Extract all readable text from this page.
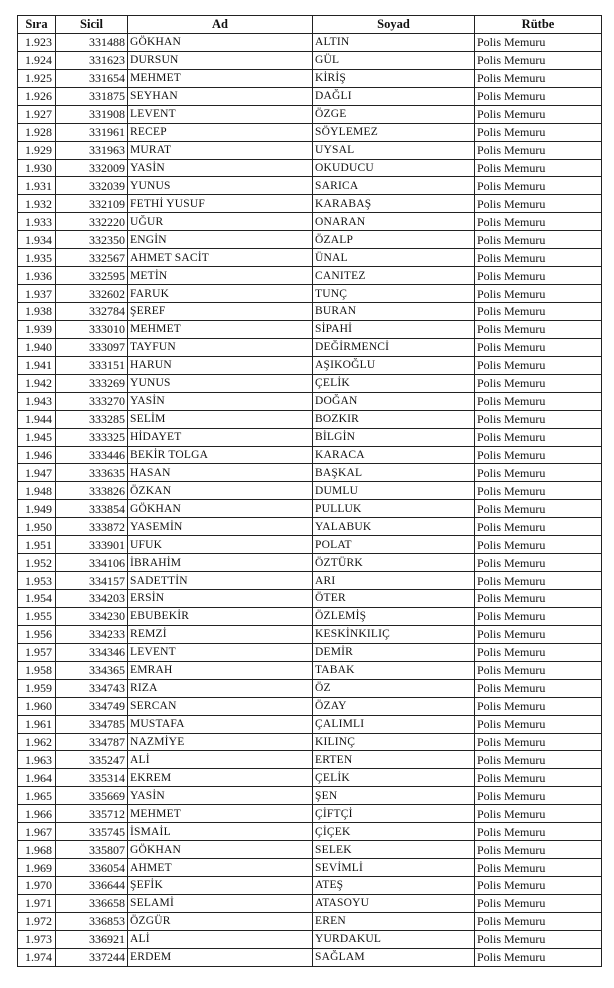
Sıra	Sicil	Ad	Soyad	Rütbe
1.923	331488	GÖKHAN	ALTIN	Polis Memuru
1.924	331623	DURSUN	GÜL	Polis Memuru
1.925	331654	MEHMET	KİRİŞ	Polis Memuru
1.926	331875	SEYHAN	DAĞLI	Polis Memuru
1.927	331908	LEVENT	ÖZGE	Polis Memuru
1.928	331961	RECEP	SÖYLEMEZ	Polis Memuru
1.929	331963	MURAT	UYSAL	Polis Memuru
1.930	332009	YASİN	OKUDUCU	Polis Memuru
1.931	332039	YUNUS	SARICA	Polis Memuru
1.932	332109	FETHİ YUSUF	KARABAŞ	Polis Memuru
1.933	332220	UĞUR	ONARAN	Polis Memuru
1.934	332350	ENGİN	ÖZALP	Polis Memuru
1.935	332567	AHMET SACİT	ÜNAL	Polis Memuru
1.936	332595	METİN	CANITEZ	Polis Memuru
1.937	332602	FARUK	TUNÇ	Polis Memuru
1.938	332784	ŞEREF	BURAN	Polis Memuru
1.939	333010	MEHMET	SİPAHİ	Polis Memuru
1.940	333097	TAYFUN	DEĞİRMENCİ	Polis Memuru
1.941	333151	HARUN	AŞIKOĞLU	Polis Memuru
1.942	333269	YUNUS	ÇELİK	Polis Memuru
1.943	333270	YASİN	DOĞAN	Polis Memuru
1.944	333285	SELİM	BOZKIR	Polis Memuru
1.945	333325	HİDAYET	BİLGİN	Polis Memuru
1.946	333446	BEKİR TOLGA	KARACA	Polis Memuru
1.947	333635	HASAN	BAŞKAL	Polis Memuru
1.948	333826	ÖZKAN	DUMLU	Polis Memuru
1.949	333854	GÖKHAN	PULLUK	Polis Memuru
1.950	333872	YASEMİN	YALABUK	Polis Memuru
1.951	333901	UFUK	POLAT	Polis Memuru
1.952	334106	İBRAHİM	ÖZTÜRK	Polis Memuru
1.953	334157	SADETTİN	ARI	Polis Memuru
1.954	334203	ERSİN	ÖTER	Polis Memuru
1.955	334230	EBUBEKİR	ÖZLEMİŞ	Polis Memuru
1.956	334233	REMZİ	KESKİNKILIÇ	Polis Memuru
1.957	334346	LEVENT	DEMİR	Polis Memuru
1.958	334365	EMRAH	TABAK	Polis Memuru
1.959	334743	RIZA	ÖZ	Polis Memuru
1.960	334749	SERCAN	ÖZAY	Polis Memuru
1.961	334785	MUSTAFA	ÇALIMLI	Polis Memuru
1.962	334787	NAZMİYE	KILINÇ	Polis Memuru
1.963	335247	ALİ	ERTEN	Polis Memuru
1.964	335314	EKREM	ÇELİK	Polis Memuru
1.965	335669	YASİN	ŞEN	Polis Memuru
1.966	335712	MEHMET	ÇİFTÇİ	Polis Memuru
1.967	335745	İSMAİL	ÇİÇEK	Polis Memuru
1.968	335807	GÖKHAN	SELEK	Polis Memuru
1.969	336054	AHMET	SEVİMLİ	Polis Memuru
1.970	336644	ŞEFİK	ATEŞ	Polis Memuru
1.971	336658	SELAMİ	ATASOYU	Polis Memuru
1.972	336853	ÖZGÜR	EREN	Polis Memuru
1.973	336921	ALİ	YURDAKUL	Polis Memuru
1.974	337244	ERDEM	SAĞLAM	Polis Memuru
